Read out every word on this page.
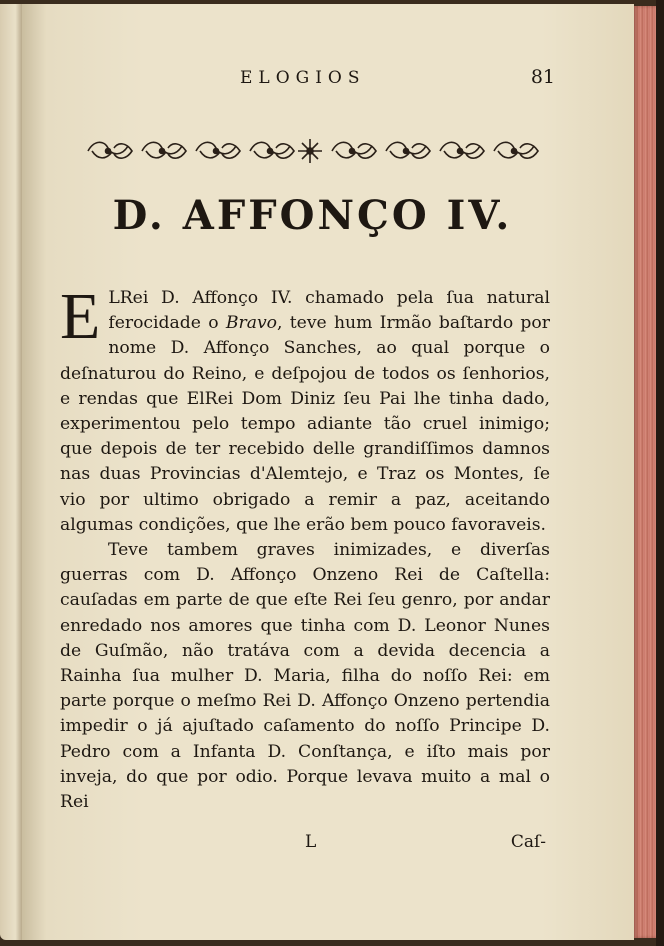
ELOGIOS	81
D. AFFONÇO IV.

E LRei D. Affonço IV. chamado pela ſua natural ferocidade o Bravo, teve hum Irmão baſtardo por nome D. Affonço Sanches, ao qual porque o deſnaturou do Reino, e deſpojou de todos os ſenhorios, e rendas que ElRei Dom Diniz ſeu Pai lhe tinha dado, experimentou pelo tempo adiante tão cruel inimigo; que depois de ter recebido delle grandiſſimos damnos nas duas Provincias d'Alemtejo, e Traz os Montes, ſe vio por ultimo obrigado a remir a paz, aceitando algumas condições, que lhe erão bem pouco favoraveis.

Teve tambem graves inimizades, e diverſas guerras com D. Affonço Onzeno Rei de Caſtella: cauſadas em parte de que eſte Rei ſeu genro, por andar enredado nos amores que tinha com D. Leonor Nunes de Guſmão, não tratáva com a devida decencia a Rainha ſua mulher D. Maria, filha do noſſo Rei: em parte porque o meſmo Rei D. Affonço Onzeno pertendia impedir o já ajuſtado caſamento do noſſo Principe D. Pedro com a Infanta D. Conſtança, e iſto mais por inveja, do que por odio. Porque levava muito a mal o Rei

L	Caſ-
